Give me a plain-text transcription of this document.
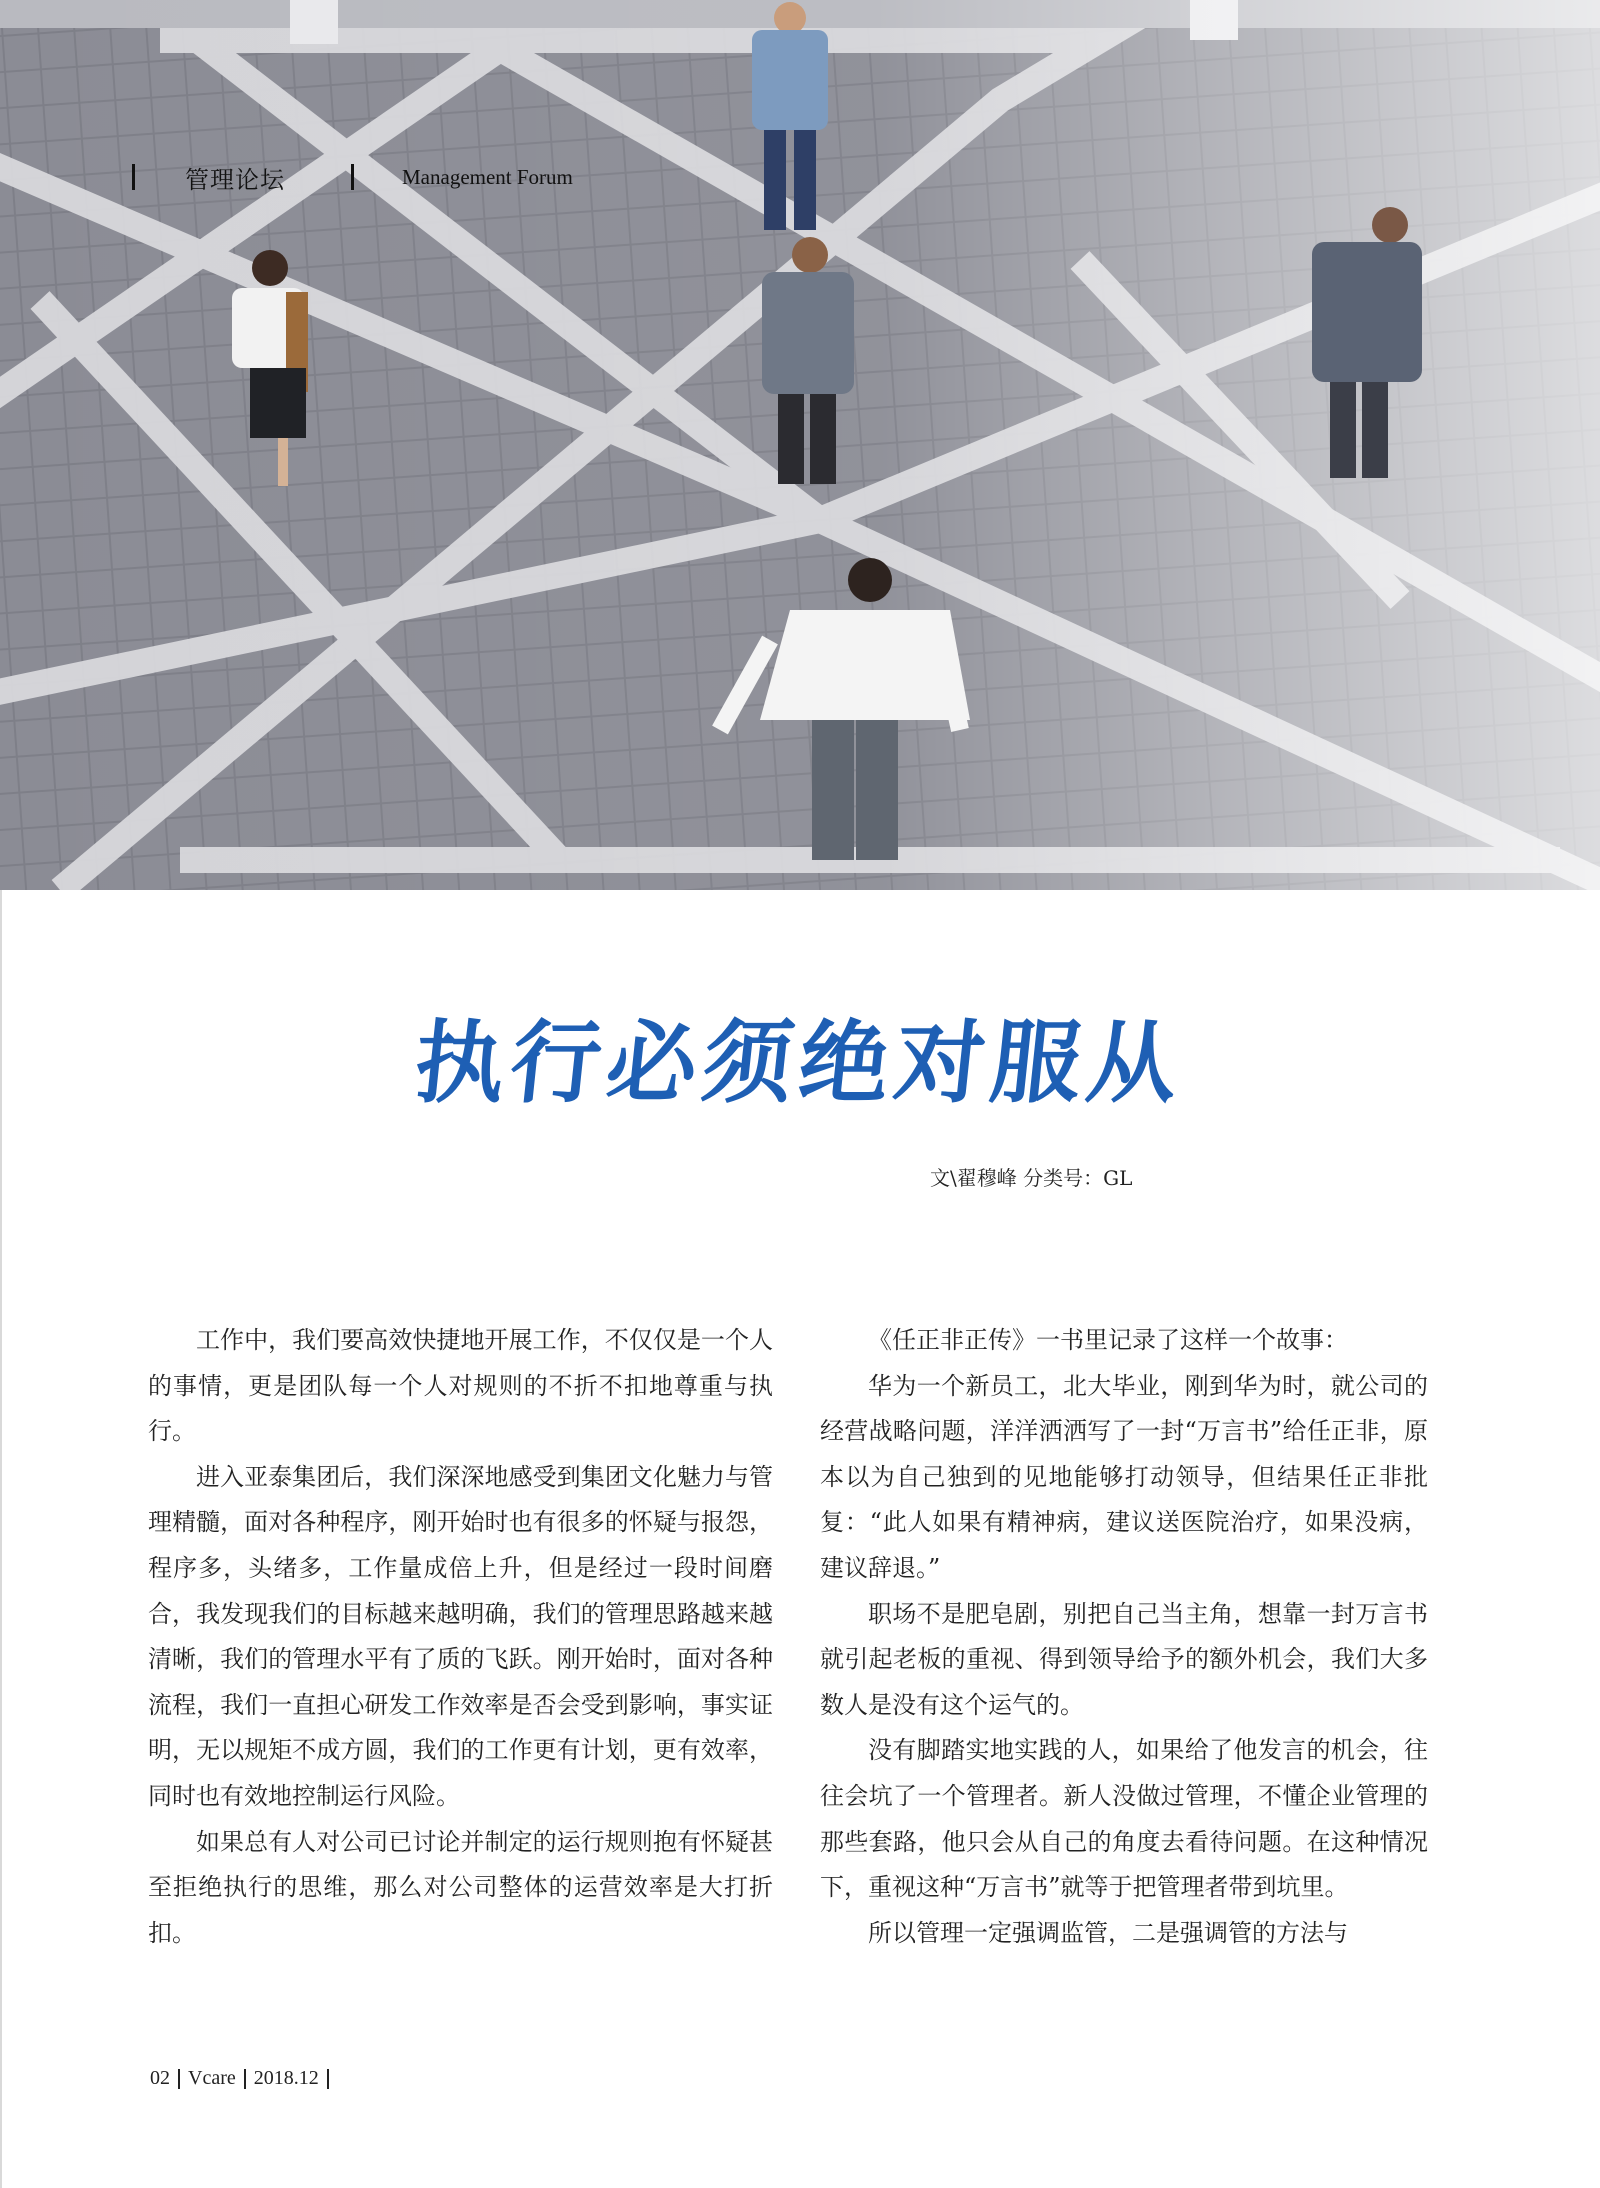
管理论坛	Management Forum
执行必须绝对服从
文\翟穆峰 分类号：GL

工作中，我们要高效快捷地开展工作，不仅仅是一个人的事情，更是团队每一个人对规则的不折不扣地尊重与执行。

进入亚泰集团后，我们深深地感受到集团文化魅力与管理精髓，面对各种程序，刚开始时也有很多的怀疑与报怨，程序多，头绪多，工作量成倍上升，但是经过一段时间磨合，我发现我们的目标越来越明确，我们的管理思路越来越清晰，我们的管理水平有了质的飞跃。刚开始时，面对各种流程，我们一直担心研发工作效率是否会受到影响，事实证明，无以规矩不成方圆，我们的工作更有计划，更有效率，同时也有效地控制运行风险。

如果总有人对公司已讨论并制定的运行规则抱有怀疑甚至拒绝执行的思维，那么对公司整体的运营效率是大打折扣。

《任正非正传》一书里记录了这样一个故事：

华为一个新员工，北大毕业，刚到华为时，就公司的经营战略问题，洋洋洒洒写了一封“万言书”给任正非，原本以为自己独到的见地能够打动领导，但结果任正非批复：“此人如果有精神病，建议送医院治疗，如果没病，建议辞退。”

职场不是肥皂剧，别把自己当主角，想靠一封万言书就引起老板的重视、得到领导给予的额外机会，我们大多数人是没有这个运气的。

没有脚踏实地实践的人，如果给了他发言的机会，往往会坑了一个管理者。新人没做过管理，不懂企业管理的那些套路，他只会从自己的角度去看待问题。在这种情况下，重视这种“万言书”就等于把管理者带到坑里。

所以管理一定强调监管，二是强调管的方法与

02 Vcare 2018.12
